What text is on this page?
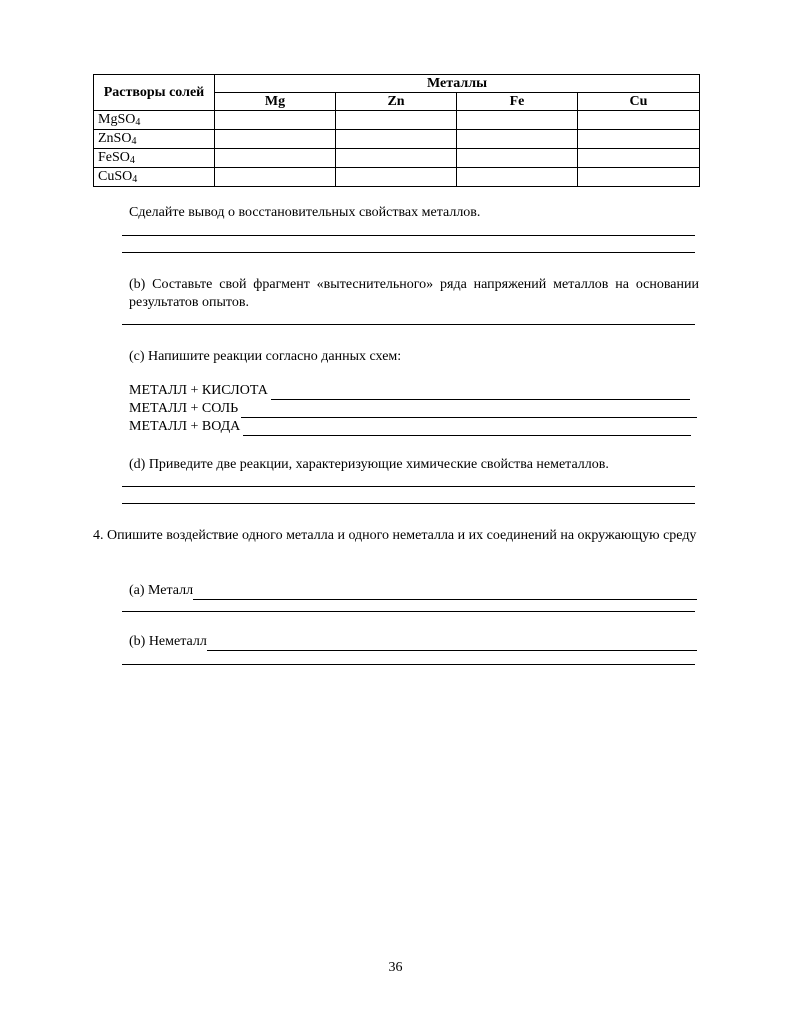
Растворы солей	Металлы			
	Mg	Zn	Fe	Cu
MgSO$_4$				
ZnSO$_4$				
FeSO$_4$				
CuSO$_4$				
Сделайте вывод о восстановительных свойствах металлов.
(b) Составьте свой фрагмент «вытеснительного» ряда напряжений металлов на основании результатов опытов.
(с) Напишите реакции согласно данных схем:
МЕТАЛЛ + КИСЛОТА
МЕТАЛЛ + СОЛЬ
МЕТАЛЛ + ВОДА
(d) Приведите две реакции, характеризующие химические свойства неметаллов.
4. Опишите воздействие одного металла и одного неметалла и их соединений на окружающую среду
(a) Металл
(b) Неметалл
36
